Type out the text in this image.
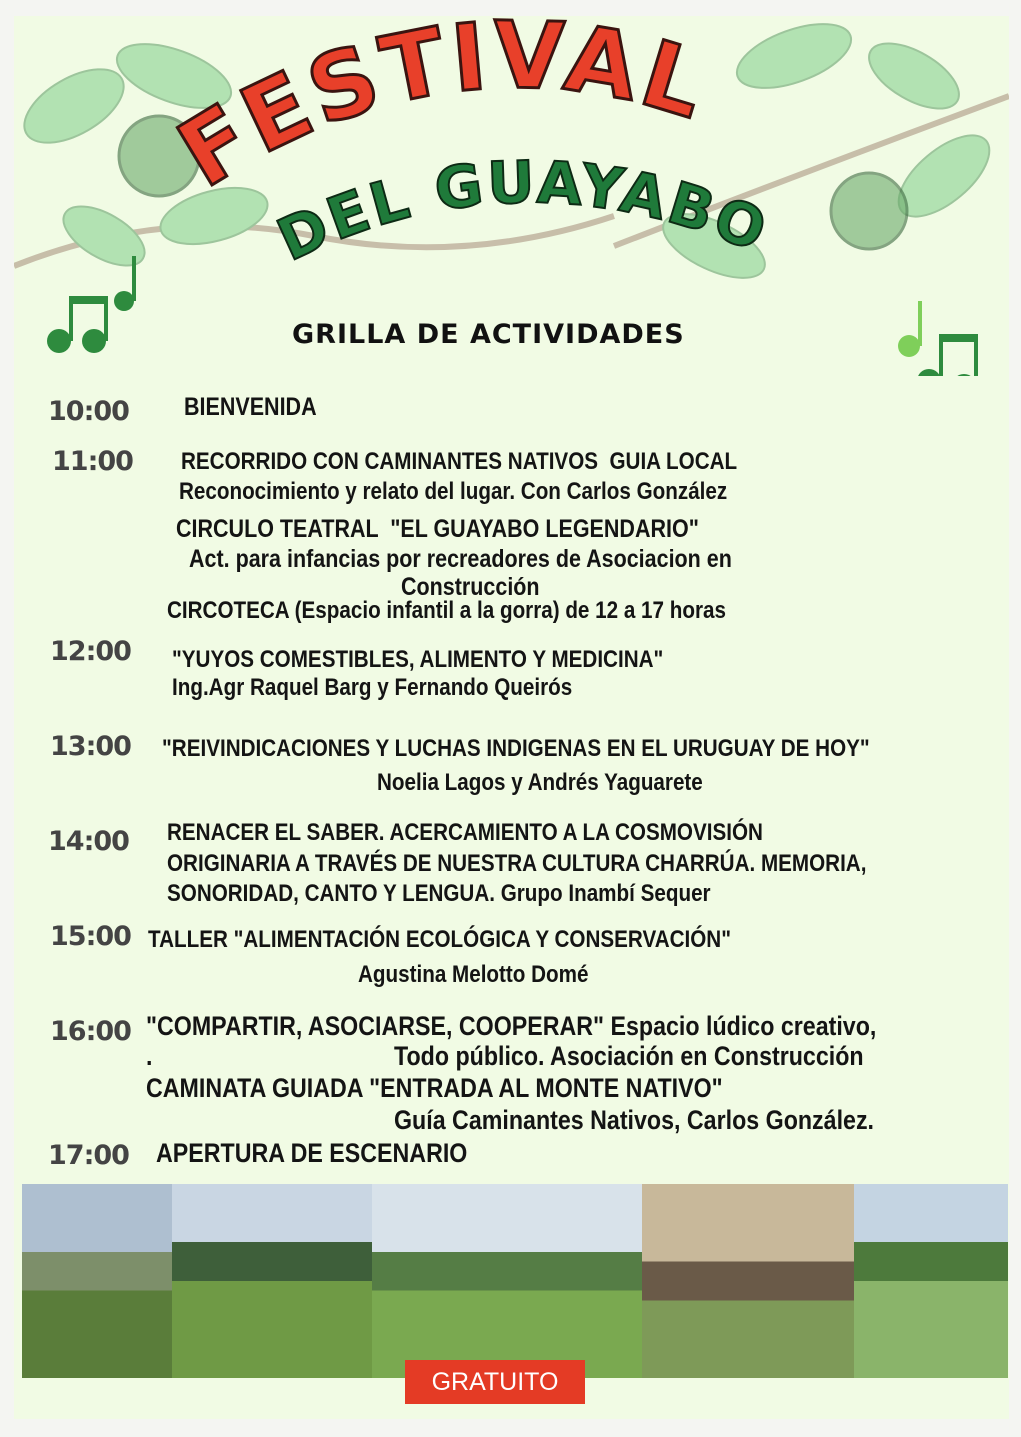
FESTIVAL
DEL GUAYABO
GRILLA DE ACTIVIDADES
10:00
11:00
12:00
13:00
14:00
15:00
16:00
17:00
BIENVENIDA
RECORRIDO CON CAMINANTES NATIVOS  GUIA LOCAL
Reconocimiento y relato del lugar. Con Carlos González
CIRCULO TEATRAL  "EL GUAYABO LEGENDARIO"
Act. para infancias por recreadores de Asociacion en
Construcción
CIRCOTECA (Espacio infantil a la gorra) de 12 a 17 horas
"YUYOS COMESTIBLES, ALIMENTO Y MEDICINA"
Ing.Agr Raquel Barg y Fernando Queirós
"REIVINDICACIONES Y LUCHAS INDIGENAS EN EL URUGUAY DE HOY"
Noelia Lagos y Andrés Yaguarete
RENACER EL SABER. ACERCAMIENTO A LA COSMOVISIÓN
ORIGINARIA A TRAVÉS DE NUESTRA CULTURA CHARRÚA. MEMORIA,
SONORIDAD, CANTO Y LENGUA. Grupo Inambí Sequer
TALLER "ALIMENTACIÓN ECOLÓGICA Y CONSERVACIÓN"
Agustina Melotto Domé
"COMPARTIR, ASOCIARSE, COOPERAR" Espacio lúdico creativo,
.	Todo público. Asociación en Construcción
CAMINATA GUIADA "ENTRADA AL MONTE NATIVO"
Guía Caminantes Nativos, Carlos González.
APERTURA DE ESCENARIO
GRATUITO
